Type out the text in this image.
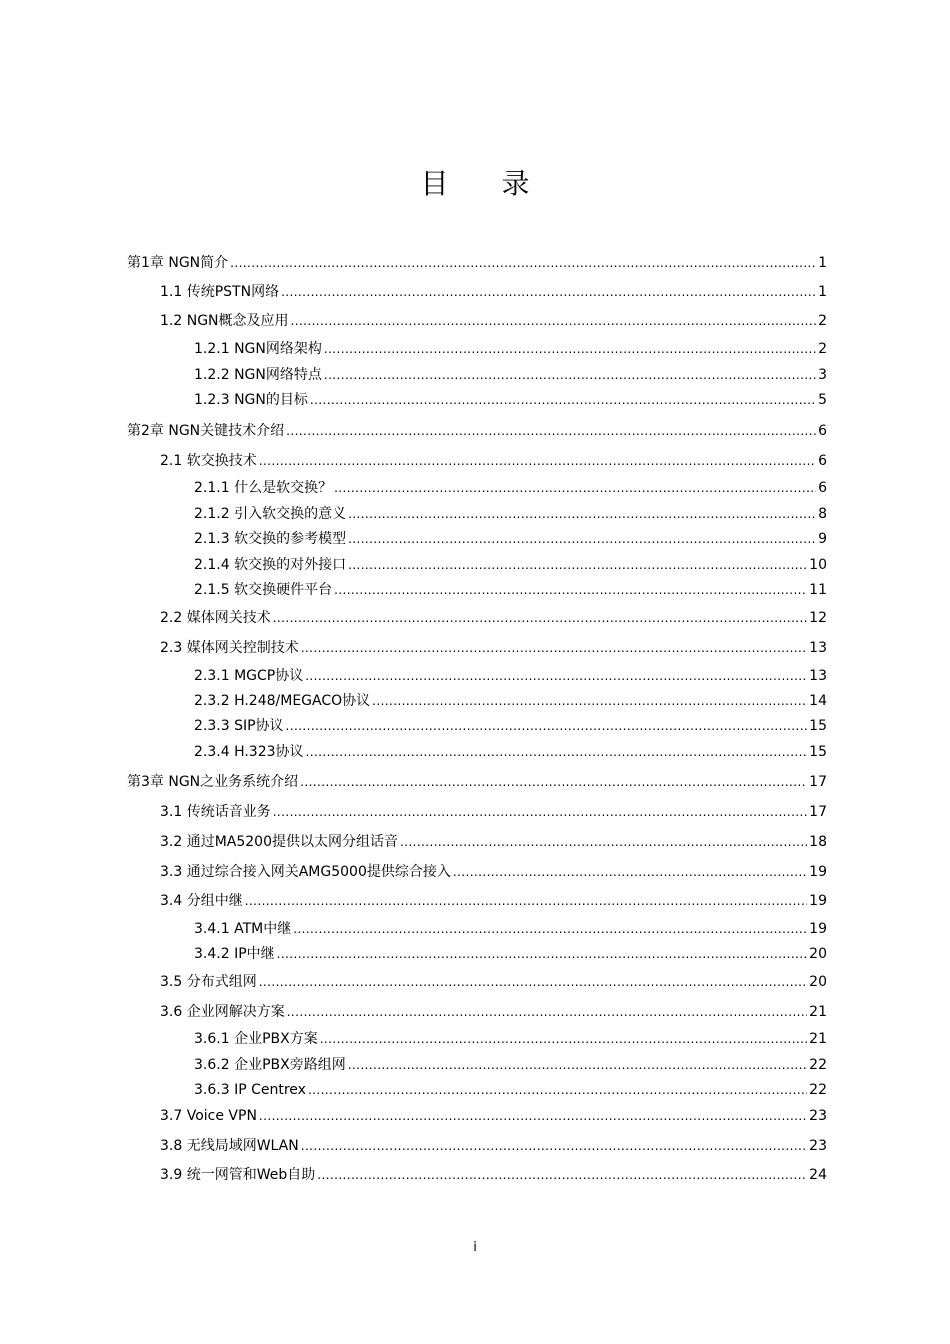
目 录
第1章 NGN简介 .....	1
1.1 传统PSTN网络 .....	1
1.2 NGN概念及应用 .....	2
1.2.1 NGN网络架构 .....	2
1.2.2 NGN网络特点 .....	3
1.2.3 NGN的目标 .....	5
第2章 NGN关键技术介绍 .....	6
2.1 软交换技术 .....	6
2.1.1 什么是软交换？ .....	6
2.1.2 引入软交换的意义 .....	8
2.1.3 软交换的参考模型 .....	9
2.1.4 软交换的对外接口 .....	10
2.1.5 软交换硬件平台 .....	11
2.2 媒体网关技术 .....	12
2.3 媒体网关控制技术 .....	13
2.3.1 MGCP协议 .....	13
2.3.2 H.248/MEGACO协议 .....	14
2.3.3 SIP协议 .....	15
2.3.4 H.323协议 .....	15
第3章 NGN之业务系统介绍 .....	17
3.1 传统话音业务 .....	17
3.2 通过MA5200提供以太网分组话音 .....	18
3.3 通过综合接入网关AMG5000提供综合接入 .....	19
3.4 分组中继 .....	19
3.4.1 ATM中继 .....	19
3.4.2 IP中继 .....	20
3.5 分布式组网 .....	20
3.6 企业网解决方案 .....	21
3.6.1 企业PBX方案 .....	21
3.6.2 企业PBX旁路组网 .....	22
3.6.3 IP Centrex .....	22
3.7 Voice VPN .....	23
3.8 无线局域网WLAN .....	23
3.9 统一网管和Web自助 .....	24
i
